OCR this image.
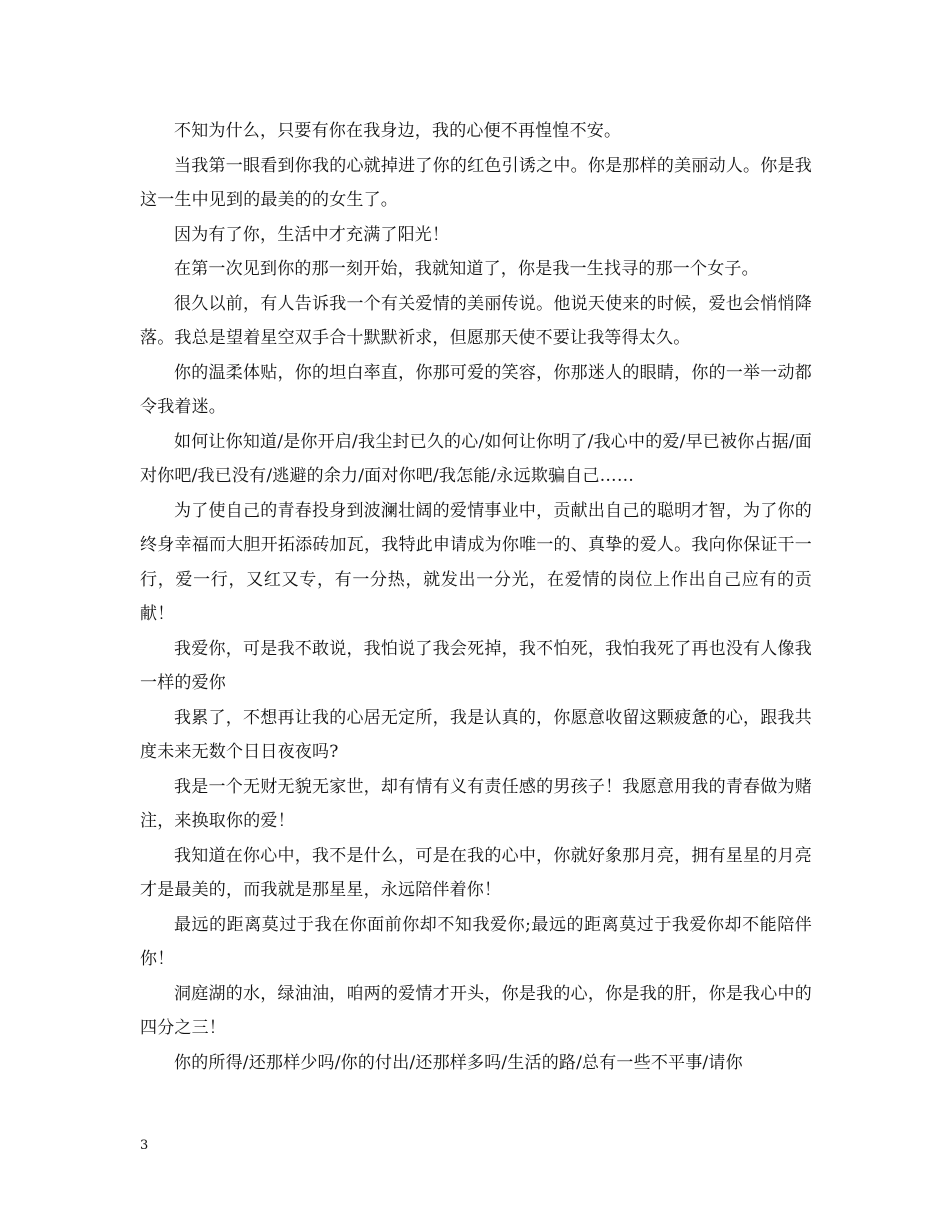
不知为什么，只要有你在我身边，我的心便不再惶惶不安。

当我第一眼看到你我的心就掉进了你的红色引诱之中。你是那样的美丽动人。你是我这一生中见到的最美的的女生了。

因为有了你，生活中才充满了阳光！

在第一次见到你的那一刻开始，我就知道了，你是我一生找寻的那一个女子。

很久以前，有人告诉我一个有关爱情的美丽传说。他说天使来的时候，爱也会悄悄降落。我总是望着星空双手合十默默祈求，但愿那天使不要让我等得太久。

你的温柔体贴，你的坦白率直，你那可爱的笑容，你那迷人的眼睛，你的一举一动都令我着迷。

如何让你知道/是你开启/我尘封已久的心/如何让你明了/我心中的爱/早已被你占据/面对你吧/我已没有/逃避的余力/面对你吧/我怎能/永远欺骗自己……

为了使自己的青春投身到波澜壮阔的爱情事业中，贡献出自己的聪明才智，为了你的终身幸福而大胆开拓添砖加瓦，我特此申请成为你唯一的、真挚的爱人。我向你保证干一行，爱一行，又红又专，有一分热，就发出一分光，在爱情的岗位上作出自己应有的贡献！

我爱你，可是我不敢说，我怕说了我会死掉，我不怕死，我怕我死了再也没有人像我一样的爱你

我累了，不想再让我的心居无定所，我是认真的，你愿意收留这颗疲惫的心，跟我共度未来无数个日日夜夜吗?

我是一个无财无貌无家世，却有情有义有责任感的男孩子！我愿意用我的青春做为赌注，来换取你的爱！

我知道在你心中，我不是什么，可是在我的心中，你就好象那月亮，拥有星星的月亮才是最美的，而我就是那星星，永远陪伴着你！

最远的距离莫过于我在你面前你却不知我爱你;最远的距离莫过于我爱你却不能陪伴你！

洞庭湖的水，绿油油，咱两的爱情才开头，你是我的心，你是我的肝，你是我心中的四分之三！

你的所得/还那样少吗/你的付出/还那样多吗/生活的路/总有一些不平事/请你

3
